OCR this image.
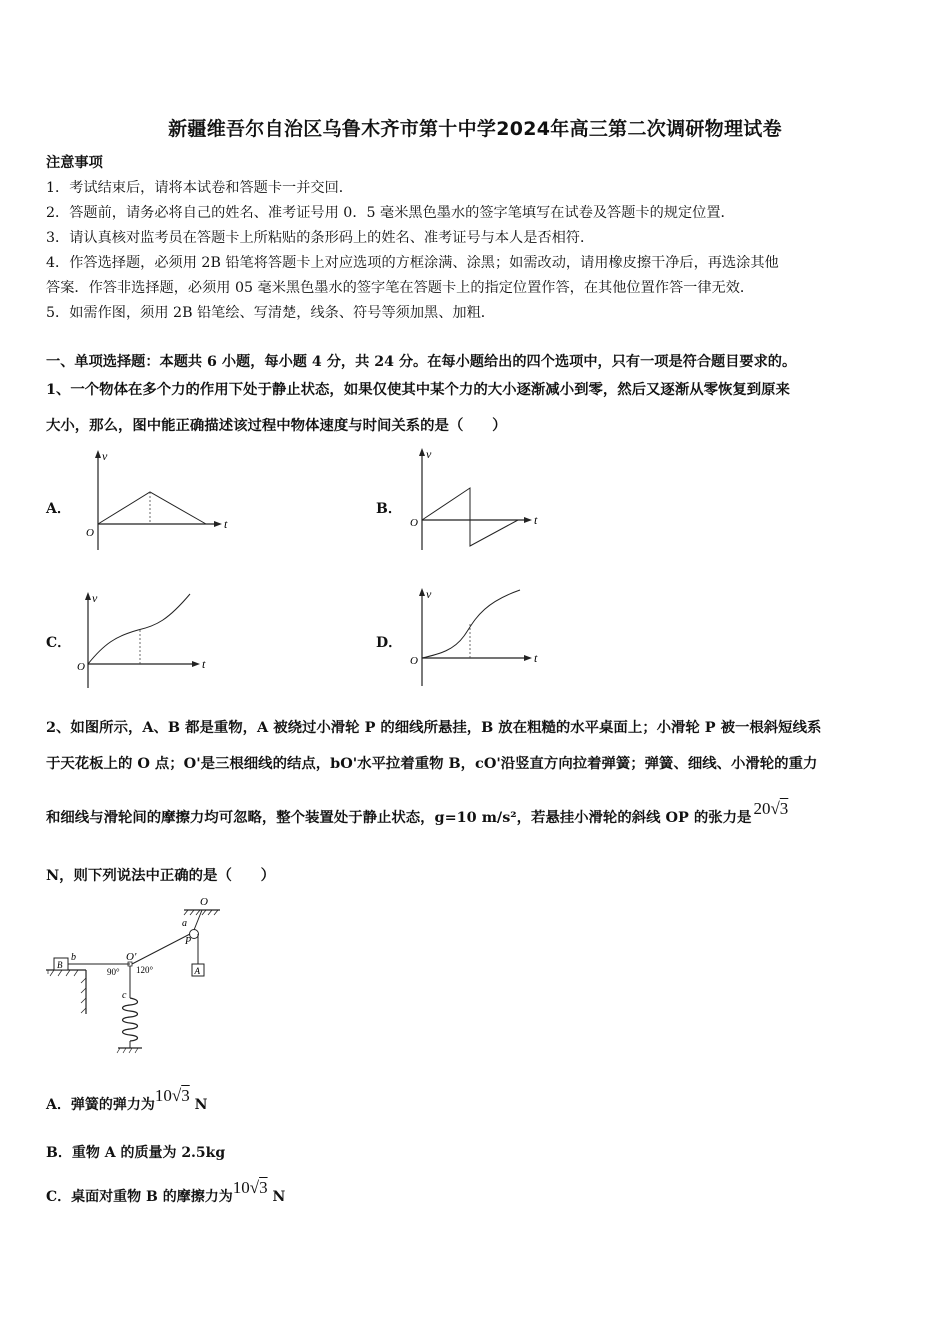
新疆维吾尔自治区乌鲁木齐市第十中学2024年高三第二次调研物理试卷
注意事项
1．考试结束后，请将本试卷和答题卡一并交回．
2．答题前，请务必将自己的姓名、准考证号用 0．5 毫米黑色墨水的签字笔填写在试卷及答题卡的规定位置．
3．请认真核对监考员在答题卡上所粘贴的条形码上的姓名、准考证号与本人是否相符．
4．作答选择题，必须用 2B 铅笔将答题卡上对应选项的方框涂满、涂黑；如需改动，请用橡皮擦干净后，再选涂其他
答案．作答非选择题，必须用 05 毫米黑色墨水的签字笔在答题卡上的指定位置作答，在其他位置作答一律无效．
5．如需作图，须用 2B 铅笔绘、写清楚，线条、符号等须加黑、加粗．
一、单项选择题：本题共 6 小题，每小题 4 分，共 24 分。在每小题给出的四个选项中，只有一项是符合题目要求的。
1、一个物体在多个力的作用下处于静止状态，如果仅使其中某个力的大小逐渐减小到零，然后又逐渐从零恢复到原来
大小，那么，图中能正确描述该过程中物体速度与时间关系的是（　　）
A．	B．
C．	D．
v
t
O
v
t
O
v
t
O
v
t
O
2、如图所示，A、B 都是重物，A 被绕过小滑轮 P 的细线所悬挂，B 放在粗糙的水平桌面上；小滑轮 P 被一根斜短线系
于天花板上的 O 点；O'是三根细线的结点，bO'水平拉着重物 B，cO'沿竖直方向拉着弹簧；弹簧、细线、小滑轮的重力
和细线与滑轮间的摩擦力均可忽略，整个装置处于静止状态，g=10 m/s²，若悬挂小滑轮的斜线 OP 的张力是 20√3
N，则下列说法中正确的是（　　）
O
a
P
A
O'
B
b
90° 120°
c
A．弹簧的弹力为10√3 N
B．重物 A 的质量为 2.5kg
C．桌面对重物 B 的摩擦力为10√3 N
